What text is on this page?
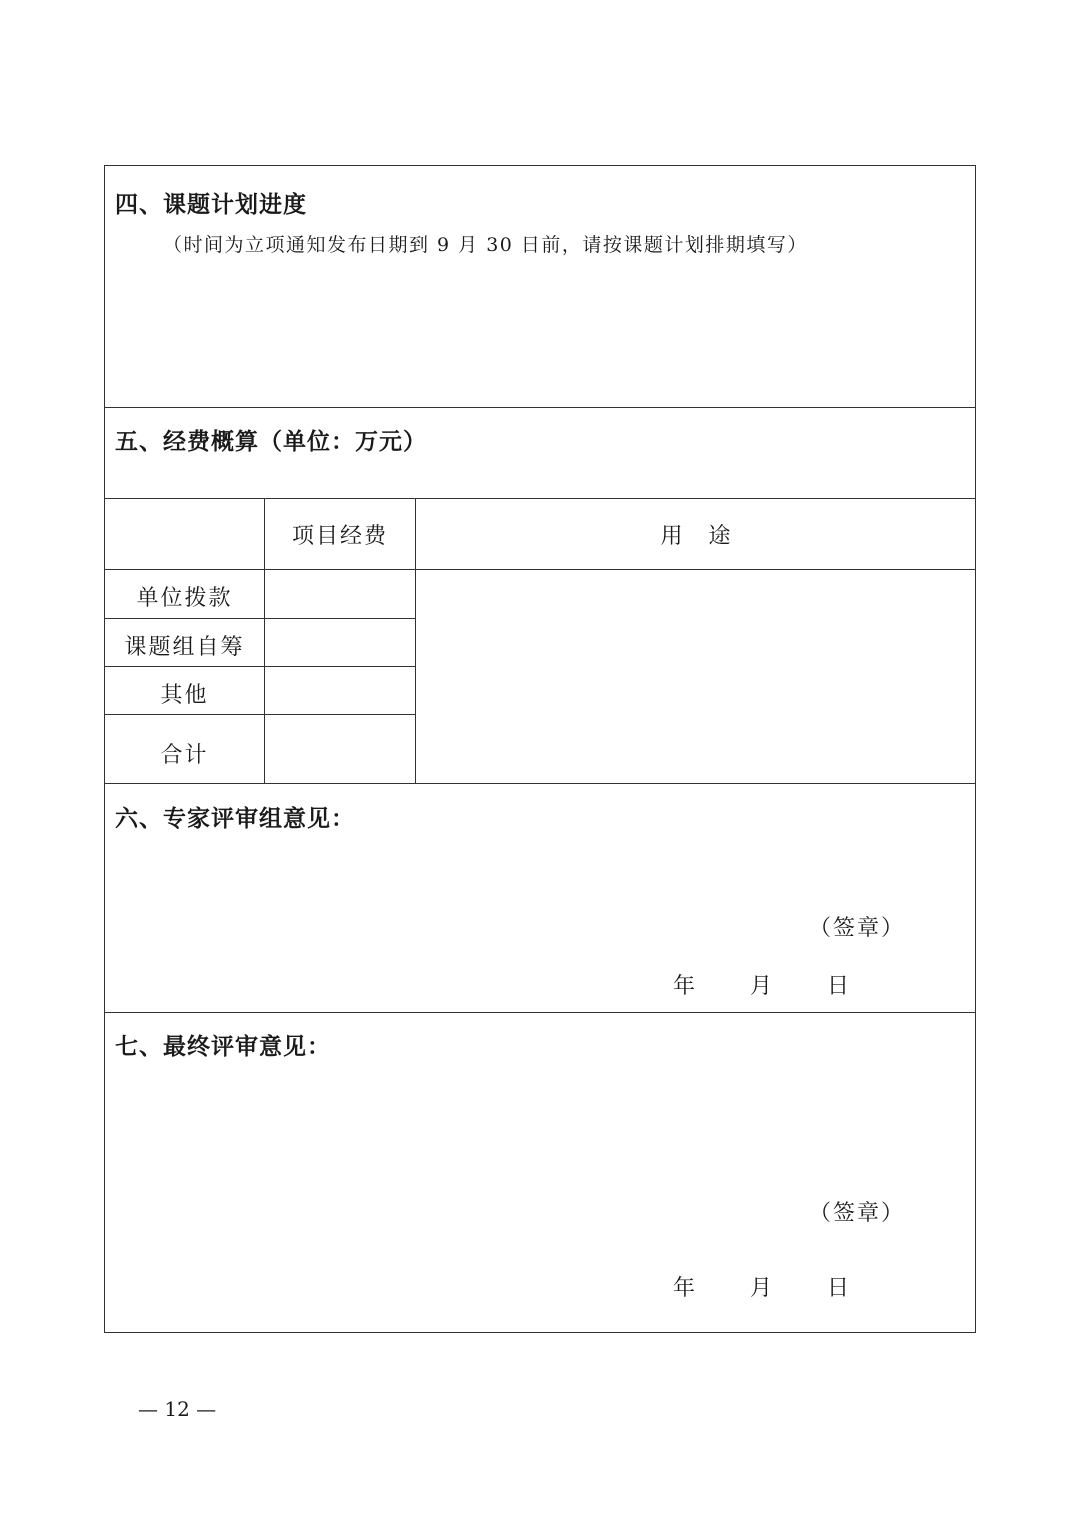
四、课题计划进度
（时间为立项通知发布日期到 9 月 30 日前，请按课题计划排期填写）
五、经费概算（单位：万元）
项目经费	用　途
单位拨款
课题组自筹
其他
合计
六、专家评审组意见：
（签章）
年 月 日
七、最终评审意见：
（签章）
年 月 日
— 12 —
